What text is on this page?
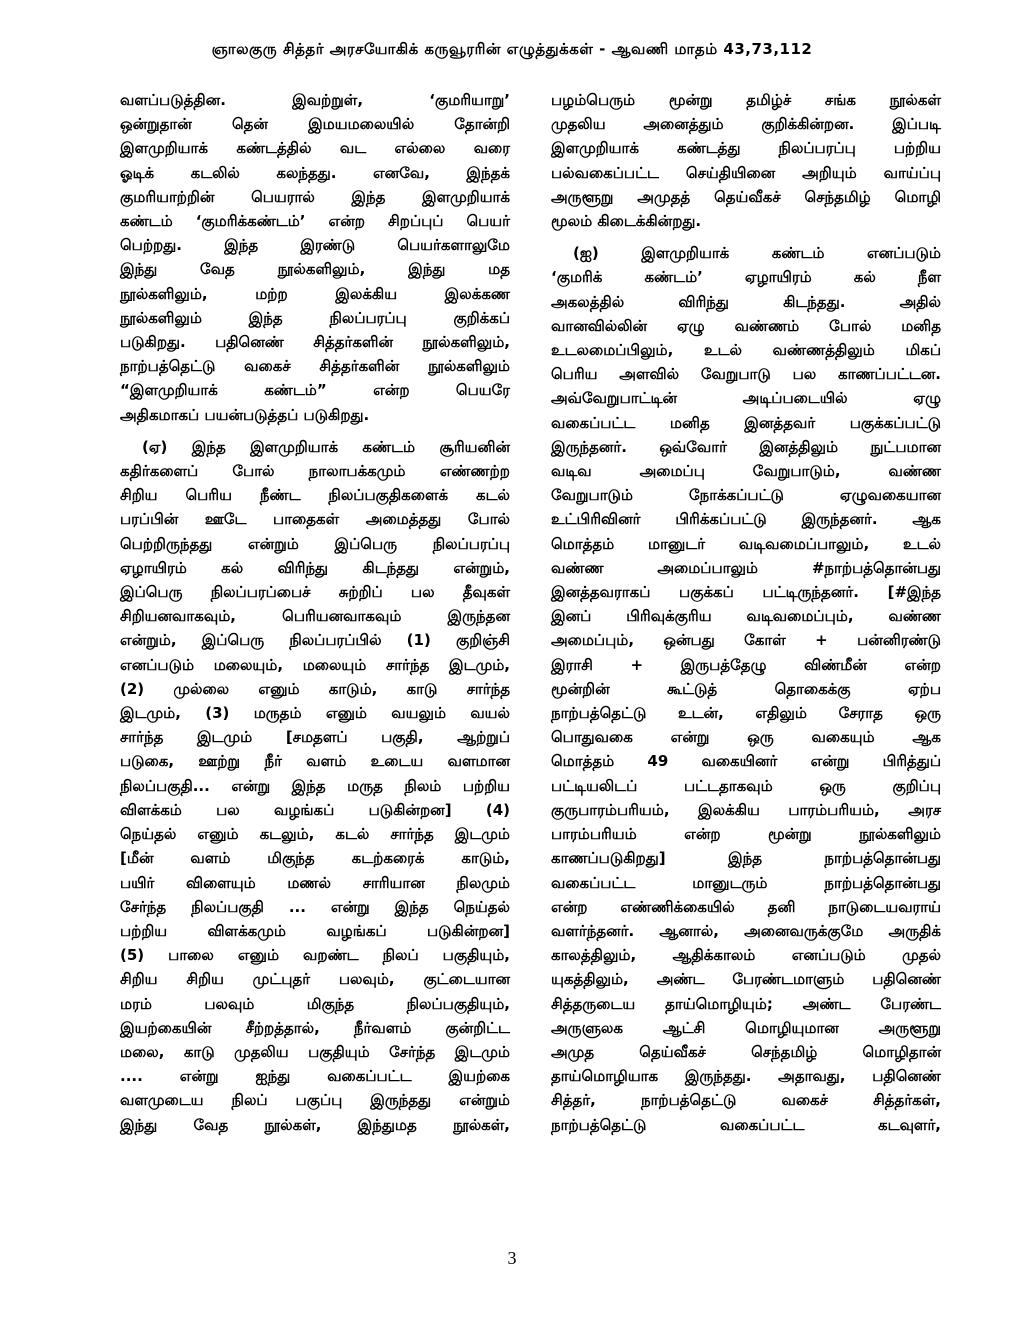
ஞாலகுரு சித்தர் அரசயோகிக் கருவூரரின் எழுத்துக்கள் - ஆவணி மாதம் 43,73,112
வளப்படுத்தின. இவற்றுள், ‘குமரியாறு’
ஒன்றுதான் தென் இமயமலையில் தோன்றி
இளமுறியாக் கண்டத்தில் வட எல்லை வரை
ஓடிக் கடலில் கலந்தது. எனவே, இந்தக்
குமரியாற்றின் பெயரால் இந்த இளமுறியாக்
கண்டம் ‘குமரிக்கண்டம்’ என்ற சிறப்புப் பெயர்
பெற்றது. இந்த இரண்டு பெயர்களாலுமே
இந்து வேத நூல்களிலும், இந்து மத
நூல்களிலும், மற்ற இலக்கிய இலக்கண
நூல்களிலும் இந்த நிலப்பரப்பு குறிக்கப்
படுகிறது. பதினெண் சித்தர்களின் நூல்களிலும்,
நாற்பத்தெட்டு வகைச் சித்தர்களின் நூல்களிலும்
“இளமுறியாக் கண்டம்” என்ற பெயரே
அதிகமாகப் பயன்படுத்தப் படுகிறது.
(ஏ) இந்த இளமுறியாக் கண்டம் சூரியனின்
கதிர்களைப் போல் நாலாபக்கமும் எண்ணற்ற
சிறிய பெரிய நீண்ட நிலப்பகுதிகளைக் கடல்
பரப்பின் ஊடே பாதைகள் அமைத்தது போல்
பெற்றிருந்தது என்றும் இப்பெரு நிலப்பரப்பு
ஏழாயிரம் கல் விரிந்து கிடந்தது என்றும்,
இப்பெரு நிலப்பரப்பைச் சுற்றிப் பல தீவுகள்
சிறியனவாகவும், பெரியனவாகவும் இருந்தன
என்றும், இப்பெரு நிலப்பரப்பில் (1) குறிஞ்சி
எனப்படும் மலையும், மலையும் சார்ந்த இடமும்,
(2) முல்லை எனும் காடும், காடு சார்ந்த
இடமும், (3) மருதம் எனும் வயலும் வயல்
சார்ந்த இடமும் [சமதளப் பகுதி, ஆற்றுப்
படுகை, ஊற்று நீர் வளம் உடைய வளமான
நிலப்பகுதி... என்று இந்த மருத நிலம் பற்றிய
விளக்கம் பல வழங்கப் படுகின்றன] (4)
நெய்தல் எனும் கடலும், கடல் சார்ந்த இடமும்
[மீன் வளம் மிகுந்த கடற்கரைக் காடும்,
பயிர் விளையும் மணல் சாரியான நிலமும்
சேர்ந்த நிலப்பகுதி ... என்று இந்த நெய்தல்
பற்றிய விளக்கமும் வழங்கப் படுகின்றன]
(5) பாலை எனும் வறண்ட நிலப் பகுதியும்,
சிறிய சிறிய முட்புதர் பலவும், குட்டையான
மரம் பலவும் மிகுந்த நிலப்பகுதியும்,
இயற்கையின் சீற்றத்தால், நீர்வளம் குன்றிட்ட
மலை, காடு முதலிய பகுதியும் சேர்ந்த இடமும்
.... என்று ஐந்து வகைப்பட்ட இயற்கை
வளமுடைய நிலப் பகுப்பு இருந்தது என்றும்
இந்து வேத நூல்கள், இந்துமத நூல்கள்,
பழம்பெரும் மூன்று தமிழ்ச் சங்க நூல்கள்
முதலிய அனைத்தும் குறிக்கின்றன. இப்படி
இளமுறியாக் கண்டத்து நிலப்பரப்பு பற்றிய
பல்வகைப்பட்ட செய்தியினை அறியும் வாய்ப்பு
அருளூறு அமுதத் தெய்வீகச் செந்தமிழ் மொழி
மூலம் கிடைக்கின்றது.
(ஐ) இளமுறியாக் கண்டம் எனப்படும்
‘குமரிக் கண்டம்’ ஏழாயிரம் கல் நீள
அகலத்தில் விரிந்து கிடந்தது. அதில்
வானவில்லின் ஏழு வண்ணம் போல் மனித
உடலமைப்பிலும், உடல் வண்ணத்திலும் மிகப்
பெரிய அளவில் வேறுபாடு பல காணப்பட்டன.
அவ்வேறுபாட்டின் அடிப்படையில் ஏழு
வகைப்பட்ட மனித இனத்தவர் பகுக்கப்பட்டு
இருந்தனர். ஒவ்வோர் இனத்திலும் நுட்பமான
வடிவ அமைப்பு வேறுபாடும், வண்ண
வேறுபாடும் நோக்கப்பட்டு ஏழுவகையான
உட்பிரிவினர் பிரிக்கப்பட்டு இருந்தனர். ஆக
மொத்தம் மானுடர் வடிவமைப்பாலும், உடல்
வண்ண அமைப்பாலும் #நாற்பத்தொன்பது
இனத்தவராகப் பகுக்கப் பட்டிருந்தனர். [#இந்த
இனப் பிரிவுக்குரிய வடிவமைப்பும், வண்ண
அமைப்பும், ஒன்பது கோள் + பன்னிரண்டு
இராசி + இருபத்தேழு விண்மீன் என்ற
மூன்றின் கூட்டுத் தொகைக்கு ஏற்ப
நாற்பத்தெட்டு உடன், எதிலும் சேராத ஒரு
பொதுவகை என்று ஒரு வகையும் ஆக
மொத்தம் 49 வகையினர் என்று பிரித்துப்
பட்டியலிடப் பட்டதாகவும் ஒரு குறிப்பு
குருபாரம்பரியம், இலக்கிய பாரம்பரியம், அரச
பாரம்பரியம் என்ற மூன்று நூல்களிலும்
காணப்படுகிறது] இந்த நாற்பத்தொன்பது
வகைப்பட்ட மானுடரும் நாற்பத்தொன்பது
என்ற எண்ணிக்கையில் தனி நாடுடையவராய்
வளர்ந்தனர். ஆனால், அனைவருக்குமே அருதிக்
காலத்திலும், ஆதிக்காலம் எனப்படும் முதல்
யுகத்திலும், அண்ட பேரண்டமாளும் பதினெண்
சித்தருடைய தாய்மொழியும்; அண்ட பேரண்ட
அருளுலக ஆட்சி மொழியுமான அருளூறு
அமுத தெய்வீகச் செந்தமிழ் மொழிதான்
தாய்மொழியாக இருந்தது. அதாவது, பதினெண்
சித்தர், நாற்பத்தெட்டு வகைச் சித்தர்கள்,
நாற்பத்தெட்டு வகைப்பட்ட கடவுளர்,
3
